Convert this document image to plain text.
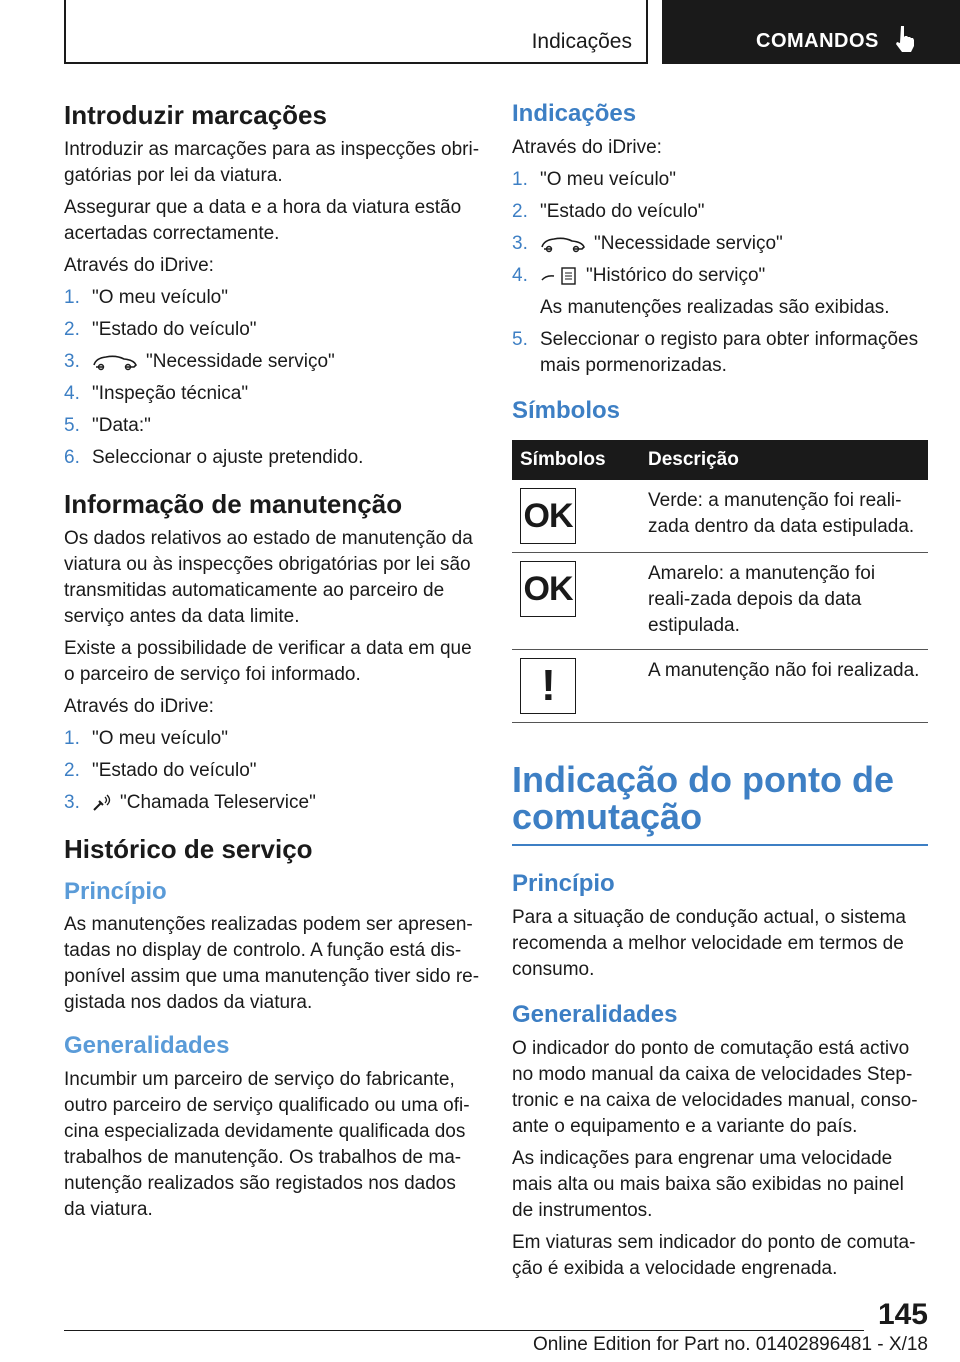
Indicações	COMANDOS
Introduzir marcações

Introduzir as marcações para as inspecções obri-gatórias por lei da viatura.

Assegurar que a data e a hora da viatura estão acertadas correctamente.

Através do iDrive:

1. "O meu veículo"
2. "Estado do veículo"
3.	"Necessidade serviço"
4. "Inspeção técnica"
5. "Data:"
6. Seleccionar o ajuste pretendido.
Informação de manutenção

Os dados relativos ao estado de manutenção da viatura ou às inspecções obrigatórias por lei são transmitidas automaticamente ao parceiro de serviço antes da data limite.

Existe a possibilidade de verificar a data em que o parceiro de serviço foi informado.

Através do iDrive:

1. "O meu veículo"
2. "Estado do veículo"
3. "Chamada Teleservice"
Histórico de serviço
Princípio

As manutenções realizadas podem ser apresen-tadas no display de controlo. A função está dis-ponível assim que uma manutenção tiver sido re-gistada nos dados da viatura.

Generalidades

Incumbir um parceiro de serviço do fabricante, outro parceiro de serviço qualificado ou uma ofi-cina especializada devidamente qualificada dos trabalhos de manutenção. Os trabalhos de ma-nutenção realizados são registados nos dados da viatura.

Indicações

Através do iDrive:

1. "O meu veículo"
2. "Estado do veículo"
3.	"Necessidade serviço"
4.	"Histórico do serviço"
As manutenções realizadas são exibidas.
5. Seleccionar o registo para obter informações mais pormenorizadas.
Símbolos
Símbolos	Descrição

OK	Verde: a manutenção foi reali-zada dentro da data estipulada.

OK	Amarelo: a manutenção foi reali-zada depois da data estipulada.

!	A manutenção não foi realizada.
Indicação do ponto de comutação
Princípio

Para a situação de condução actual, o sistema recomenda a melhor velocidade em termos de consumo.

Generalidades

O indicador do ponto de comutação está activo no modo manual da caixa de velocidades Step-tronic e na caixa de velocidades manual, conso-ante o equipamento e a variante do país.

As indicações para engrenar uma velocidade mais alta ou mais baixa são exibidas no painel de instrumentos.

Em viaturas sem indicador do ponto de comuta-ção é exibida a velocidade engrenada.

145
Online Edition for Part no. 01402896481 - X/18
